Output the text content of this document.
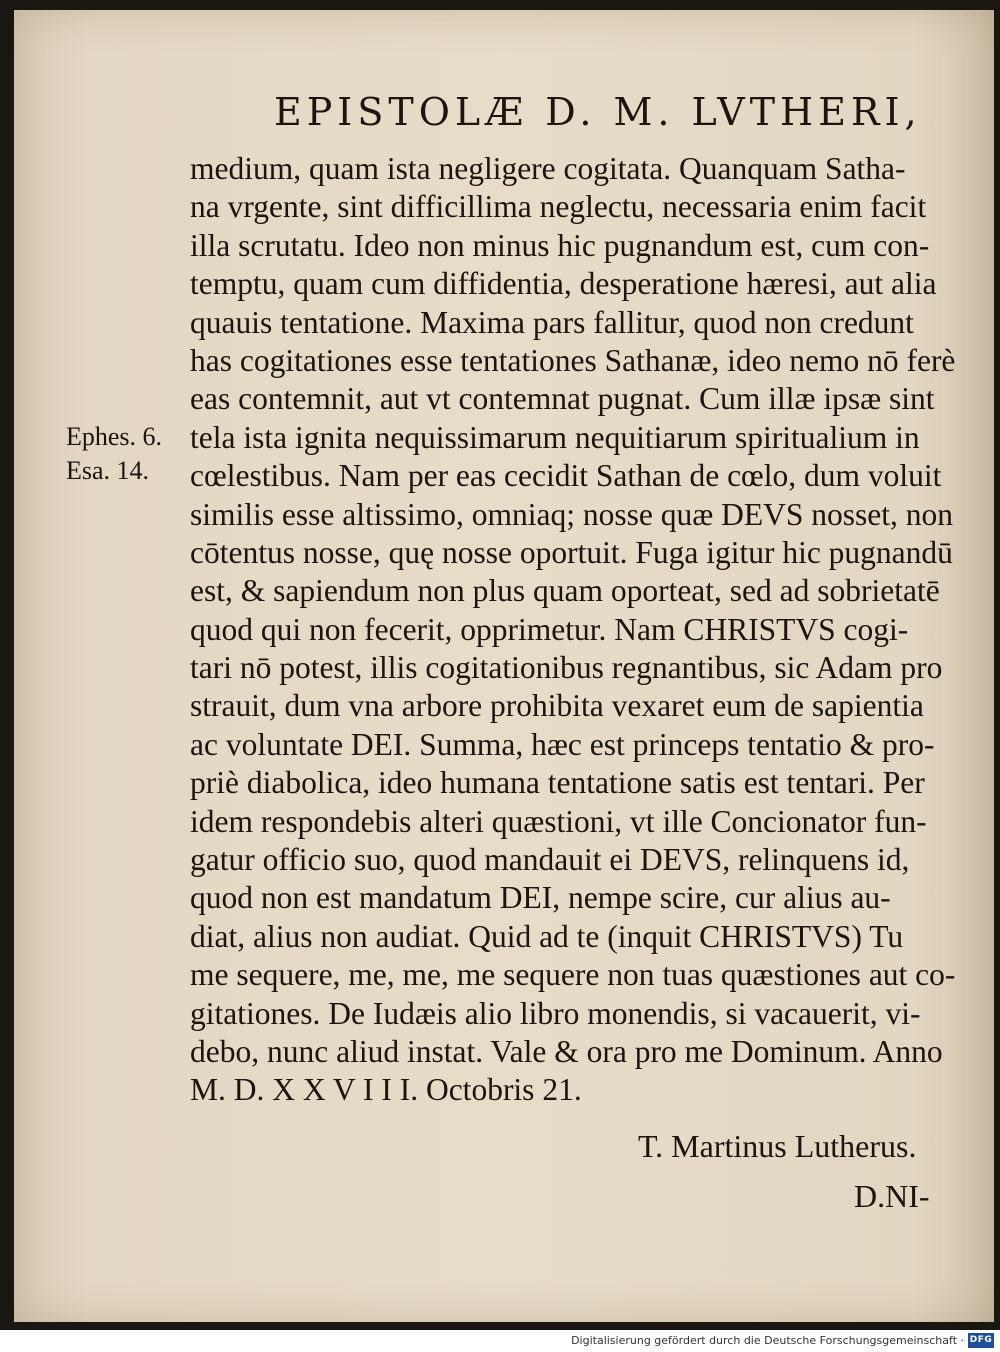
EPISTOLÆ D. M. LVTHERI,
Ephes. 6.
Esa. 14.
medium, quam ista negligere cogitata. Quanquam Satha-
na vrgente, sint difficillima neglectu, necessaria enim facit
illa scrutatu. Ideo non minus hic pugnandum est, cum con-
temptu, quam cum diffidentia, desperatione hæresi, aut alia
quauis tentatione. Maxima pars fallitur, quod non credunt
has cogitationes esse tentationes Sathanæ, ideo nemo nō ferè
eas contemnit, aut vt contemnat pugnat. Cum illæ ipsæ sint
tela ista ignita nequissimarum nequitiarum spiritualium in
cœlestibus. Nam per eas cecidit Sathan de cœlo, dum voluit
similis esse altissimo, omniaq; nosse quæ DEVS nosset, non
cōtentus nosse, quę nosse oportuit. Fuga igitur hic pugnandū
est, & sapiendum non plus quam oporteat, sed ad sobrietatē
quod qui non fecerit, opprimetur. Nam CHRISTVS cogi-
tari nō potest, illis cogitationibus regnantibus, sic Adam pro
strauit, dum vna arbore prohibita vexaret eum de sapientia
ac voluntate DEI. Summa, hæc est princeps tentatio & pro-
priè diabolica, ideo humana tentatione satis est tentari. Per
idem respondebis alteri quæstioni, vt ille Concionator fun-
gatur officio suo, quod mandauit ei DEVS, relinquens id,
quod non est mandatum DEI, nempe scire, cur alius au-
diat, alius non audiat. Quid ad te (inquit CHRISTVS) Tu
me sequere, me, me, me sequere non tuas quæstiones aut co-
gitationes. De Iudæis alio libro monendis, si vacauerit, vi-
debo, nunc aliud instat. Vale & ora pro me Dominum. Anno
M. D. X X V I I I. Octobris 21.
T. Martinus Lutherus.
D.NI-
Digitalisierung gefördert durch die Deutsche Forschungsgemeinschaft · DFG
